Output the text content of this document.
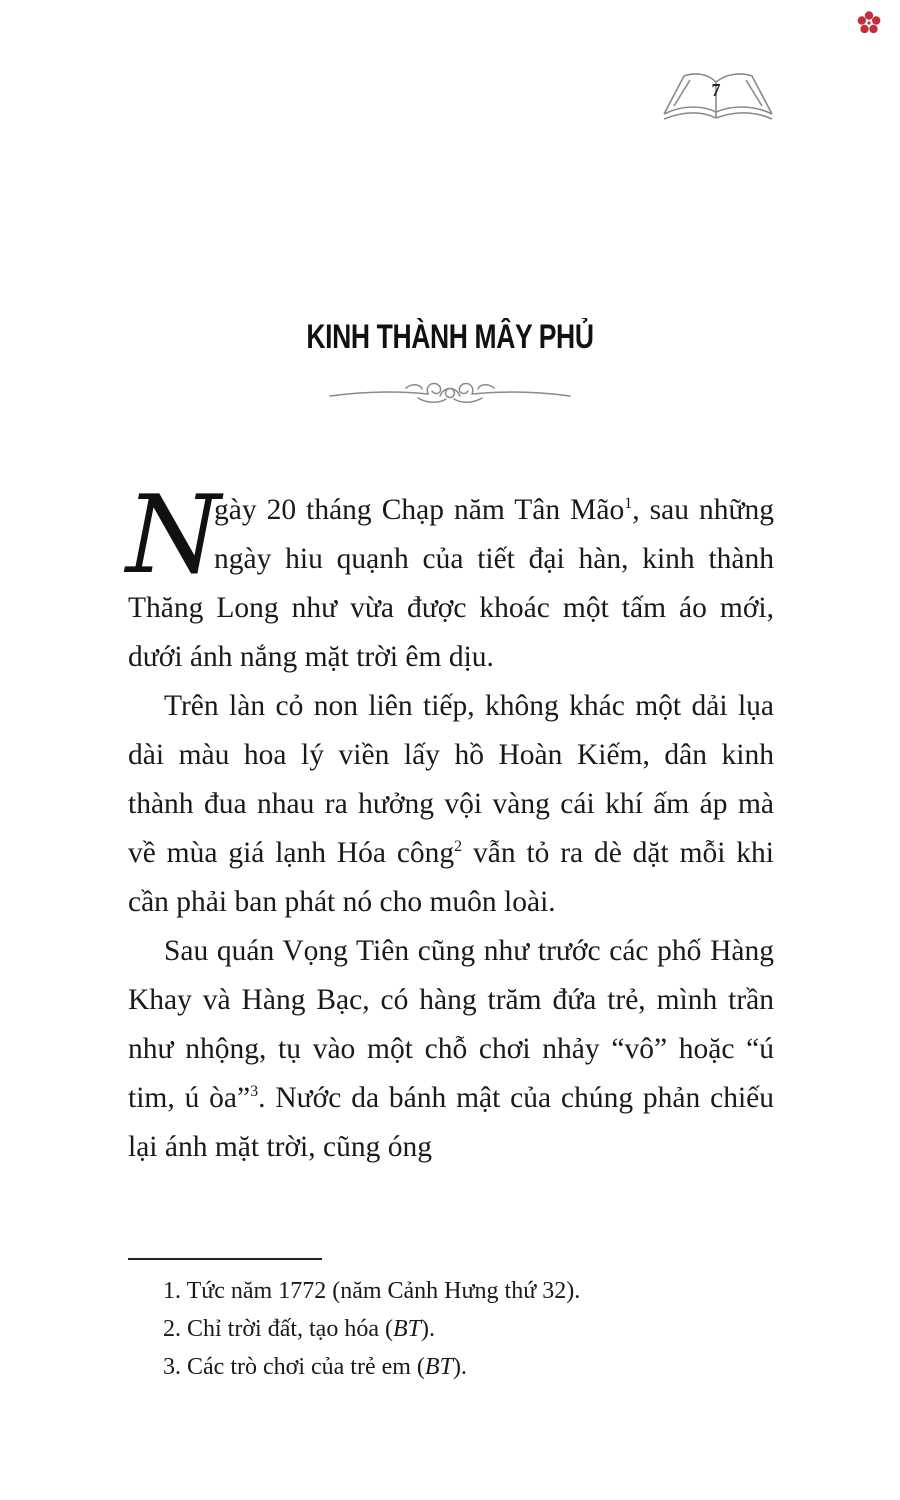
7
KINH THÀNH MÂY PHỦ

N
gày 20 tháng Chạp năm Tân Mão$^1$, sau những ngày hiu quạnh của tiết đại hàn, kinh thành Thăng Long như vừa được khoác một tấm áo mới, dưới ánh nắng mặt trời êm dịu.

Trên làn cỏ non liên tiếp, không khác một dải lụa dài màu hoa lý viền lấy hồ Hoàn Kiếm, dân kinh thành đua nhau ra hưởng vội vàng cái khí ấm áp mà về mùa giá lạnh Hóa công$^2$ vẫn tỏ ra dè dặt mỗi khi cần phải ban phát nó cho muôn loài.

Sau quán Vọng Tiên cũng như trước các phố Hàng Khay và Hàng Bạc, có hàng trăm đứa trẻ, mình trần như nhộng, tụ vào một chỗ chơi nhảy “vô” hoặc “ú tim, ú òa”$^3$. Nước da bánh mật của chúng phản chiếu lại ánh mặt trời, cũng óng

1. Tức năm 1772 (năm Cảnh Hưng thứ 32).
2. Chỉ trời đất, tạo hóa (BT).
3. Các trò chơi của trẻ em (BT).
